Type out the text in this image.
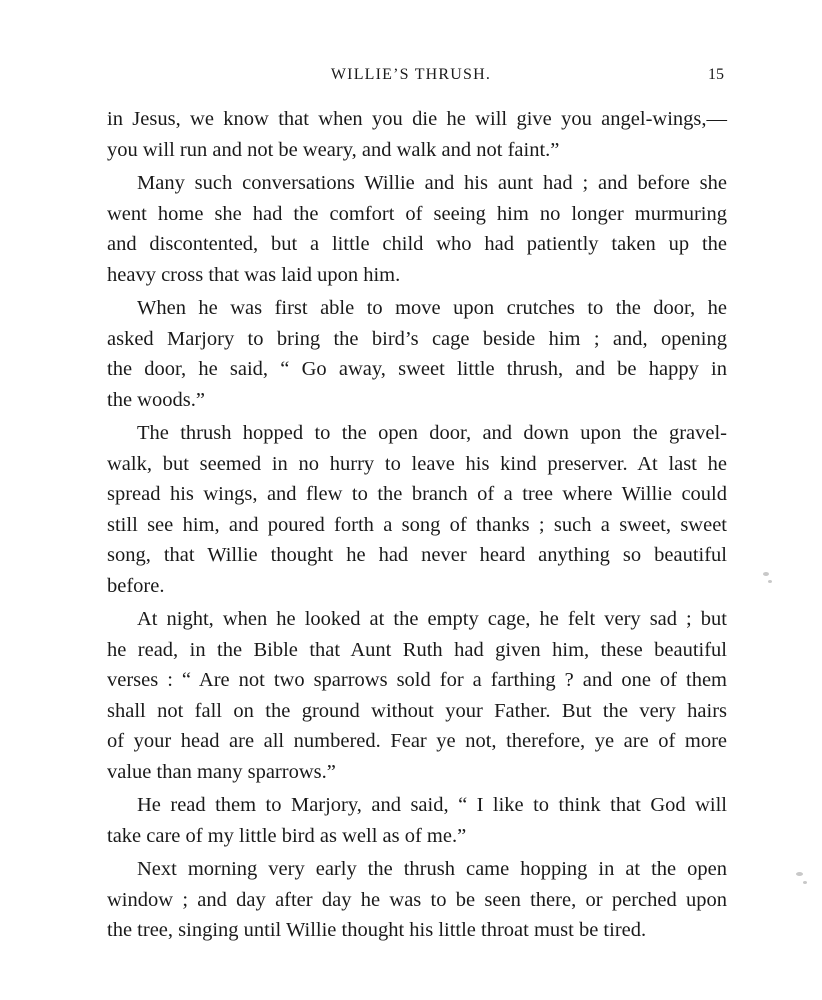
WILLIE’S THRUSH.	15
in Jesus, we know that when you die he will give you angel-wings,—
you will run and not be weary, and walk and not faint.”
Many such conversations Willie and his aunt had ; and before she
went home she had the comfort of seeing him no longer murmuring
and discontented, but a little child who had patiently taken up the
heavy cross that was laid upon him.
When he was first able to move upon crutches to the door, he
asked Marjory to bring the bird’s cage beside him ; and, opening
the door, he said, “ Go away, sweet little thrush, and be happy in
the woods.”
The thrush hopped to the open door, and down upon the gravel-
walk, but seemed in no hurry to leave his kind preserver. At last he
spread his wings, and flew to the branch of a tree where Willie could
still see him, and poured forth a song of thanks ; such a sweet, sweet
song, that Willie thought he had never heard anything so beautiful
before.
At night, when he looked at the empty cage, he felt very sad ; but
he read, in the Bible that Aunt Ruth had given him, these beautiful
verses : “ Are not two sparrows sold for a farthing ? and one of them
shall not fall on the ground without your Father. But the very hairs
of your head are all numbered. Fear ye not, therefore, ye are of more
value than many sparrows.”
He read them to Marjory, and said, “ I like to think that God will
take care of my little bird as well as of me.”
Next morning very early the thrush came hopping in at the open
window ; and day after day he was to be seen there, or perched upon
the tree, singing until Willie thought his little throat must be tired.
